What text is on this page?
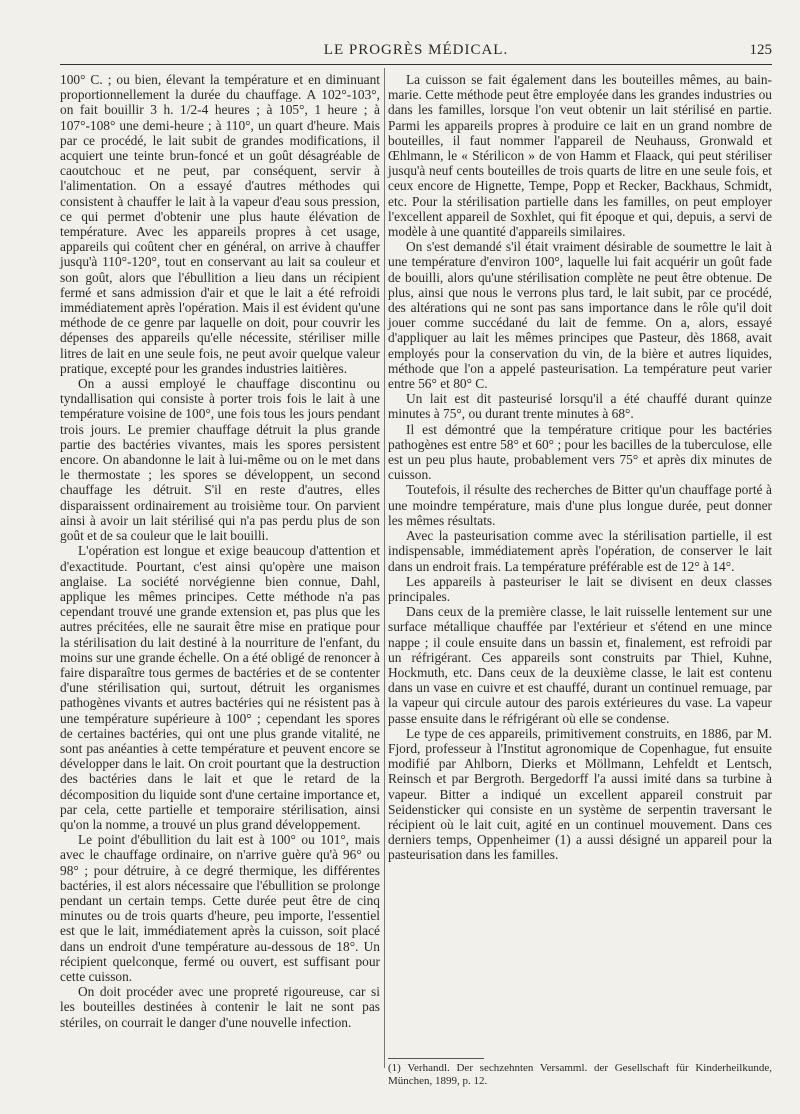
LE PROGRÈS MÉDICAL.	125

100° C. ; ou bien, élevant la température et en diminuant proportionnellement la durée du chauffage. A 102°-103°, on fait bouillir 3 h. 1/2-4 heures ; à 105°, 1 heure ; à 107°-108° une demi-heure ; à 110°, un quart d'heure. Mais par ce procédé, le lait subit de grandes modifications, il acquiert une teinte brun-foncé et un goût désagréable de caoutchouc et ne peut, par conséquent, servir à l'alimentation. On a essayé d'autres méthodes qui consistent à chauffer le lait à la vapeur d'eau sous pression, ce qui permet d'obtenir une plus haute élévation de température. Avec les appareils propres à cet usage, appareils qui coûtent cher en général, on arrive à chauffer jusqu'à 110°-120°, tout en conservant au lait sa couleur et son goût, alors que l'ébullition a lieu dans un récipient fermé et sans admission d'air et que le lait a été refroidi immédiatement après l'opération. Mais il est évident qu'une méthode de ce genre par laquelle on doit, pour couvrir les dépenses des appareils qu'elle nécessite, stériliser mille litres de lait en une seule fois, ne peut avoir quelque valeur pratique, excepté pour les grandes industries laitières.

On a aussi employé le chauffage discontinu ou tyndallisation qui consiste à porter trois fois le lait à une température voisine de 100°, une fois tous les jours pendant trois jours. Le premier chauffage détruit la plus grande partie des bactéries vivantes, mais les spores persistent encore. On abandonne le lait à lui-même ou on le met dans le thermostate ; les spores se développent, un second chauffage les détruit. S'il en reste d'autres, elles disparaissent ordinairement au troisième tour. On parvient ainsi à avoir un lait stérilisé qui n'a pas perdu plus de son goût et de sa couleur que le lait bouilli.

L'opération est longue et exige beaucoup d'attention et d'exactitude. Pourtant, c'est ainsi qu'opère une maison anglaise. La société norvégienne bien connue, Dahl, applique les mêmes principes. Cette méthode n'a pas cependant trouvé une grande extension et, pas plus que les autres précitées, elle ne saurait être mise en pratique pour la stérilisation du lait destiné à la nourriture de l'enfant, du moins sur une grande échelle. On a été obligé de renoncer à faire disparaître tous germes de bactéries et de se contenter d'une stérilisation qui, surtout, détruit les organismes pathogènes vivants et autres bactéries qui ne résistent pas à une température supérieure à 100° ; cependant les spores de certaines bactéries, qui ont une plus grande vitalité, ne sont pas anéanties à cette température et peuvent encore se développer dans le lait. On croit pourtant que la destruction des bactéries dans le lait et que le retard de la décomposition du liquide sont d'une certaine importance et, par cela, cette partielle et temporaire stérilisation, ainsi qu'on la nomme, a trouvé un plus grand développement.

Le point d'ébullition du lait est à 100° ou 101°, mais avec le chauffage ordinaire, on n'arrive guère qu'à 96° ou 98° ; pour détruire, à ce degré thermique, les différentes bactéries, il est alors nécessaire que l'ébullition se prolonge pendant un certain temps. Cette durée peut être de cinq minutes ou de trois quarts d'heure, peu importe, l'essentiel est que le lait, immédiatement après la cuisson, soit placé dans un endroit d'une température au-dessous de 18°. Un récipient quelconque, fermé ou ouvert, est suffisant pour cette cuisson.

On doit procéder avec une propreté rigoureuse, car si les bouteilles destinées à contenir le lait ne sont pas stériles, on courrait le danger d'une nouvelle infection.

La cuisson se fait également dans les bouteilles mêmes, au bain-marie. Cette méthode peut être employée dans les grandes industries ou dans les familles, lorsque l'on veut obtenir un lait stérilisé en partie. Parmi les appareils propres à produire ce lait en un grand nombre de bouteilles, il faut nommer l'appareil de Neuhauss, Gronwald et Œhlmann, le « Stérilicon » de von Hamm et Flaack, qui peut stériliser jusqu'à neuf cents bouteilles de trois quarts de litre en une seule fois, et ceux encore de Hignette, Tempe, Popp et Recker, Backhaus, Schmidt, etc. Pour la stérilisation partielle dans les familles, on peut employer l'excellent appareil de Soxhlet, qui fit époque et qui, depuis, a servi de modèle à une quantité d'appareils similaires.

On s'est demandé s'il était vraiment désirable de soumettre le lait à une température d'environ 100°, laquelle lui fait acquérir un goût fade de bouilli, alors qu'une stérilisation complète ne peut être obtenue. De plus, ainsi que nous le verrons plus tard, le lait subit, par ce procédé, des altérations qui ne sont pas sans importance dans le rôle qu'il doit jouer comme succédané du lait de femme. On a, alors, essayé d'appliquer au lait les mêmes principes que Pasteur, dès 1868, avait employés pour la conservation du vin, de la bière et autres liquides, méthode que l'on a appelé pasteurisation. La température peut varier entre 56° et 80° C.

Un lait est dit pasteurisé lorsqu'il a été chauffé durant quinze minutes à 75°, ou durant trente minutes à 68°.

Il est démontré que la température critique pour les bactéries pathogènes est entre 58° et 60° ; pour les bacilles de la tuberculose, elle est un peu plus haute, probablement vers 75° et après dix minutes de cuisson.

Toutefois, il résulte des recherches de Bitter qu'un chauffage porté à une moindre température, mais d'une plus longue durée, peut donner les mêmes résultats.

Avec la pasteurisation comme avec la stérilisation partielle, il est indispensable, immédiatement après l'opération, de conserver le lait dans un endroit frais. La température préférable est de 12° à 14°.

Les appareils à pasteuriser le lait se divisent en deux classes principales.

Dans ceux de la première classe, le lait ruisselle lentement sur une surface métallique chauffée par l'extérieur et s'étend en une mince nappe ; il coule ensuite dans un bassin et, finalement, est refroidi par un réfrigérant. Ces appareils sont construits par Thiel, Kuhne, Hockmuth, etc. Dans ceux de la deuxième classe, le lait est contenu dans un vase en cuivre et est chauffé, durant un continuel remuage, par la vapeur qui circule autour des parois extérieures du vase. La vapeur passe ensuite dans le réfrigérant où elle se condense.

Le type de ces appareils, primitivement construits, en 1886, par M. Fjord, professeur à l'Institut agronomique de Copenhague, fut ensuite modifié par Ahlborn, Dierks et Möllmann, Lehfeldt et Lentsch, Reinsch et par Bergroth. Bergedorff l'a aussi imité dans sa turbine à vapeur. Bitter a indiqué un excellent appareil construit par Seidensticker qui consiste en un système de serpentin traversant le récipient où le lait cuit, agité en un continuel mouvement. Dans ces derniers temps, Oppenheimer (1) a aussi désigné un appareil pour la pasteurisation dans les familles.

(1) Verhandl. Der sechzehnten Versamml. der Gesellschaft für Kinderheilkunde, München, 1899, p. 12.
